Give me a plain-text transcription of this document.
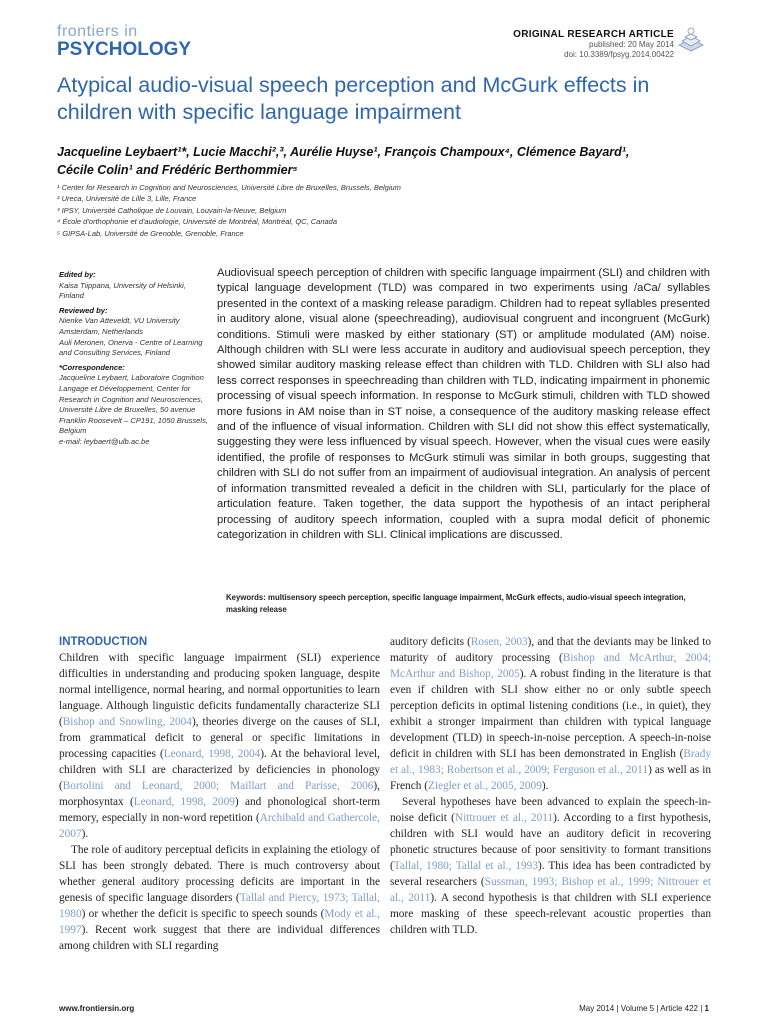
frontiers in
PSYCHOLOGY
ORIGINAL RESEARCH ARTICLE
published: 20 May 2014
doi: 10.3389/fpsyg.2014.00422
Atypical audio-visual speech perception and McGurk effects in children with specific language impairment
Jacqueline Leybaert¹*, Lucie Macchi²,³, Aurélie Huyse¹, François Champoux⁴, Clémence Bayard¹,
Cécile Colin¹ and Frédéric Berthommier⁵
¹ Center for Research in Cognition and Neurosciences, Université Libre de Bruxelles, Brussels, Belgium
² Ureca, Université de Lille 3, Lille, France
³ IPSY, Université Catholique de Louvain, Louvain-la-Neuve, Belgium
⁴ École d'orthophonie et d'audiologie, Université de Montréal, Montréal, QC, Canada
⁵ GIPSA-Lab, Université de Grenoble, Grenoble, France
Edited by:
Kaisa Tiippana, University of Helsinki, Finland
Reviewed by:
Nienke Van Atteveldt, VU University Amsterdam, Netherlands
Auli Meronen, Onerva - Centre of Learning and Consulting Services, Finland
*Correspondence:
Jacqueline Leybaert, Laboratoire Cognition Langage et Développement, Center for Research in Cognition and Neurosciences, Université Libre de Bruxelles, 50 avenue Franklin Roosevelt – CP191, 1050 Brussels, Belgium
e-mail: leybaert@ulb.ac.be
Audiovisual speech perception of children with specific language impairment (SLI) and children with typical language development (TLD) was compared in two experiments using /aCa/ syllables presented in the context of a masking release paradigm. Children had to repeat syllables presented in auditory alone, visual alone (speechreading), audiovisual congruent and incongruent (McGurk) conditions. Stimuli were masked by either stationary (ST) or amplitude modulated (AM) noise. Although children with SLI were less accurate in auditory and audiovisual speech perception, they showed similar auditory masking release effect than children with TLD. Children with SLI also had less correct responses in speechreading than children with TLD, indicating impairment in phonemic processing of visual speech information. In response to McGurk stimuli, children with TLD showed more fusions in AM noise than in ST noise, a consequence of the auditory masking release effect and of the influence of visual information. Children with SLI did not show this effect systematically, suggesting they were less influenced by visual speech. However, when the visual cues were easily identified, the profile of responses to McGurk stimuli was similar in both groups, suggesting that children with SLI do not suffer from an impairment of audiovisual integration. An analysis of percent of information transmitted revealed a deficit in the children with SLI, particularly for the place of articulation feature. Taken together, the data support the hypothesis of an intact peripheral processing of auditory speech information, coupled with a supra modal deficit of phonemic categorization in children with SLI. Clinical implications are discussed.
Keywords: multisensory speech perception, specific language impairment, McGurk effects, audio-visual speech integration, masking release
INTRODUCTION

Children with specific language impairment (SLI) experience difficulties in understanding and producing spoken language, despite normal intelligence, normal hearing, and normal opportunities to learn language. Although linguistic deficits fundamentally characterize SLI (Bishop and Snowling, 2004), theories diverge on the causes of SLI, from grammatical deficit to general or specific limitations in processing capacities (Leonard, 1998, 2004). At the behavioral level, children with SLI are characterized by deficiencies in phonology (Bortolini and Leonard, 2000; Maillart and Parisse, 2006), morphosyntax (Leonard, 1998, 2009) and phonological short-term memory, especially in non-word repetition (Archibald and Gathercole, 2007).

The role of auditory perceptual deficits in explaining the etiology of SLI has been strongly debated. There is much controversy about whether general auditory processing deficits are important in the genesis of specific language disorders (Tallal and Piercy, 1973; Tallal, 1980) or whether the deficit is specific to speech sounds (Mody et al., 1997). Recent work suggest that there are individual differences among children with SLI regarding

auditory deficits (Rosen, 2003), and that the deviants may be linked to maturity of auditory processing (Bishop and McArthur, 2004; McArthur and Bishop, 2005). A robust finding in the literature is that even if children with SLI show either no or only subtle speech perception deficits in optimal listening conditions (i.e., in quiet), they exhibit a stronger impairment than children with typical language development (TLD) in speech-in-noise perception. A speech-in-noise deficit in children with SLI has been demonstrated in English (Brady et al., 1983; Robertson et al., 2009; Ferguson et al., 2011) as well as in French (Ziegler et al., 2005, 2009).

Several hypotheses have been advanced to explain the speech-in-noise deficit (Nittrouer et al., 2011). According to a first hypothesis, children with SLI would have an auditory deficit in recovering phonetic structures because of poor sensitivity to formant transitions (Tallal, 1980; Tallal et al., 1993). This idea has been contradicted by several researchers (Sussman, 1993; Bishop et al., 1999; Nittrouer et al., 2011). A second hypothesis is that children with SLI experience more masking of these speech-relevant acoustic properties than children with TLD.

www.frontiersin.org	May 2014 | Volume 5 | Article 422 | 1
